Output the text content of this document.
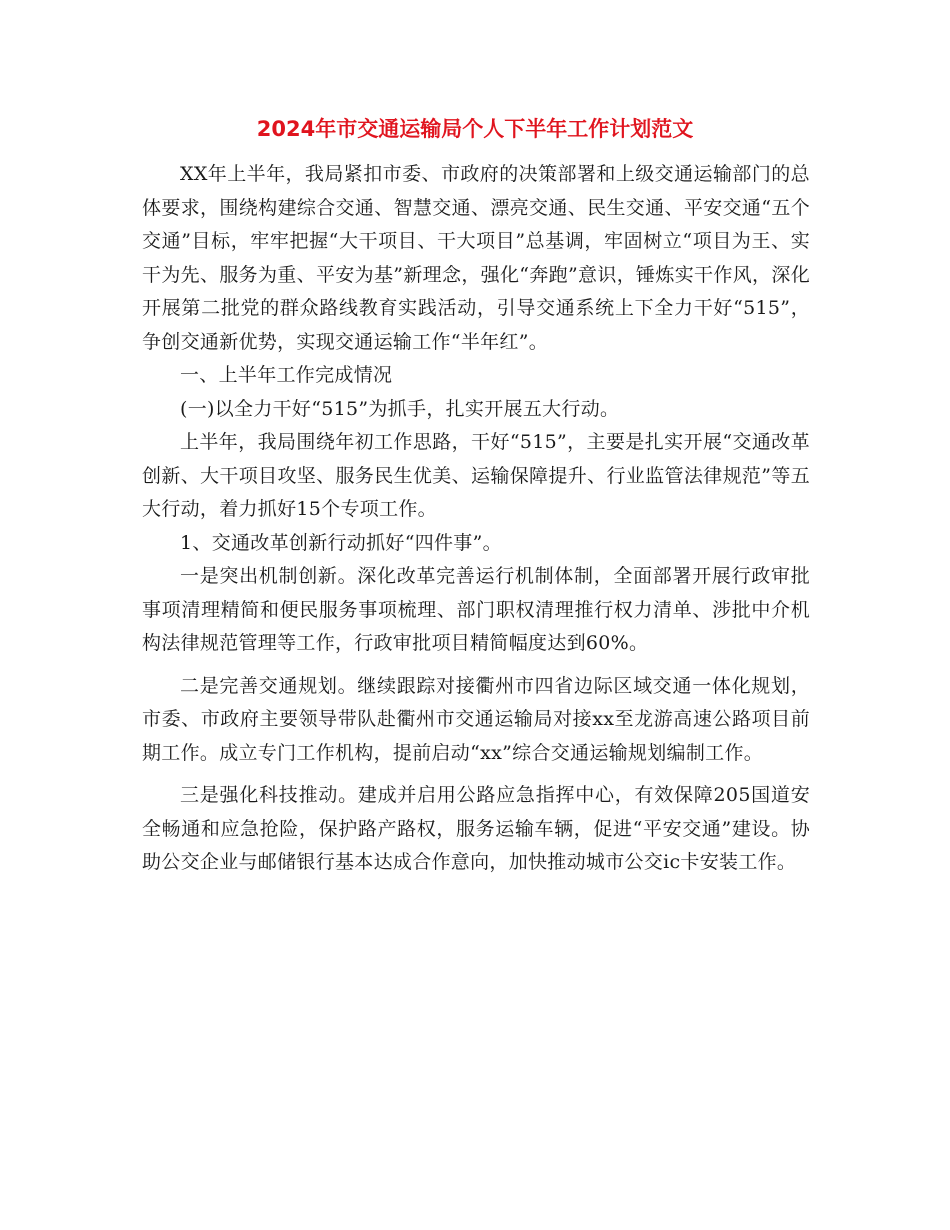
2024年市交通运输局个人下半年工作计划范文

XX年上半年，我局紧扣市委、市政府的决策部署和上级交通运输部门的总体要求，围绕构建综合交通、智慧交通、漂亮交通、民生交通、平安交通“五个交通”目标，牢牢把握“大干项目、干大项目”总基调，牢固树立“项目为王、实干为先、服务为重、平安为基”新理念，强化“奔跑”意识，锤炼实干作风，深化开展第二批党的群众路线教育实践活动，引导交通系统上下全力干好“515”，争创交通新优势，实现交通运输工作“半年红”。

一、上半年工作完成情况

(一)以全力干好“515”为抓手，扎实开展五大行动。

上半年，我局围绕年初工作思路，干好“515”，主要是扎实开展“交通改革创新、大干项目攻坚、服务民生优美、运输保障提升、行业监管法律规范”等五大行动，着力抓好15个专项工作。

1、交通改革创新行动抓好“四件事”。

一是突出机制创新。深化改革完善运行机制体制，全面部署开展行政审批事项清理精简和便民服务事项梳理、部门职权清理推行权力清单、涉批中介机构法律规范管理等工作，行政审批项目精简幅度达到60%。

二是完善交通规划。继续跟踪对接衢州市四省边际区域交通一体化规划，市委、市政府主要领导带队赴衢州市交通运输局对接xx至龙游高速公路项目前期工作。成立专门工作机构，提前启动“xx”综合交通运输规划编制工作。

三是强化科技推动。建成并启用公路应急指挥中心，有效保障205国道安全畅通和应急抢险，保护路产路权，服务运输车辆，促进“平安交通”建设。协助公交企业与邮储银行基本达成合作意向，加快推动城市公交ic卡安装工作。
